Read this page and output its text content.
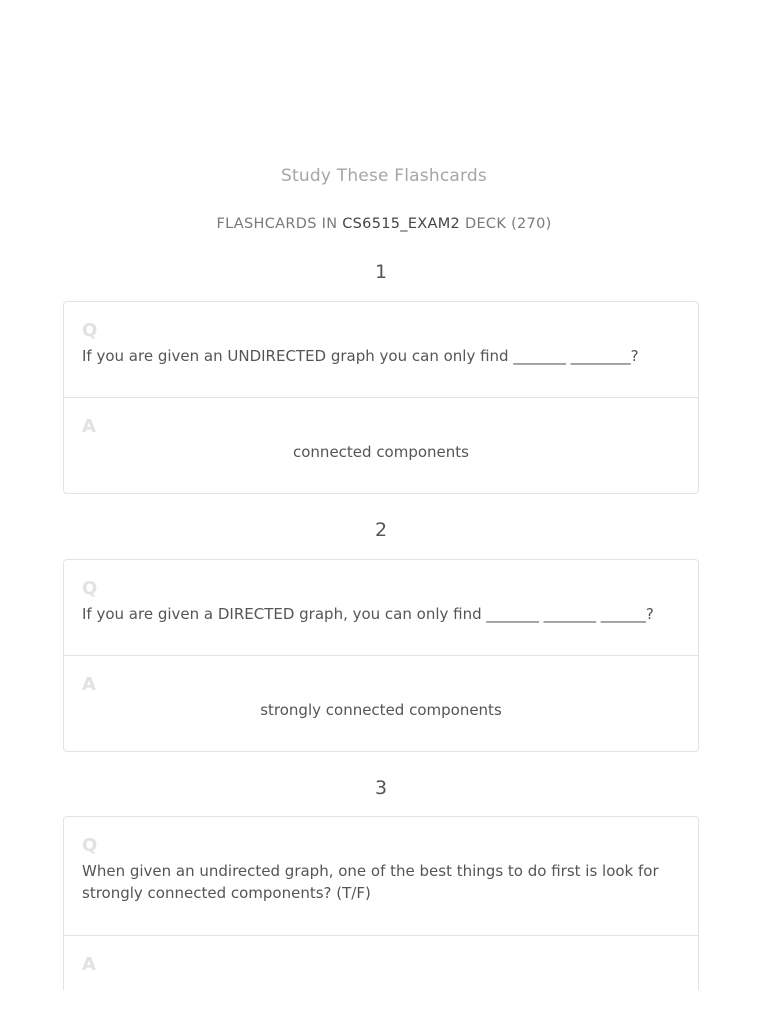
Study These Flashcards
FLASHCARDS IN CS6515_EXAM2 DECK (270)
1
Q
If you are given an UNDIRECTED graph you can only find _______ ________?
A
connected components
2
Q
If you are given a DIRECTED graph, you can only find _______ _______ ______?
A
strongly connected components
3
Q
When given an undirected graph, one of the best things to do first is look for strongly connected components? (T/F)
A
